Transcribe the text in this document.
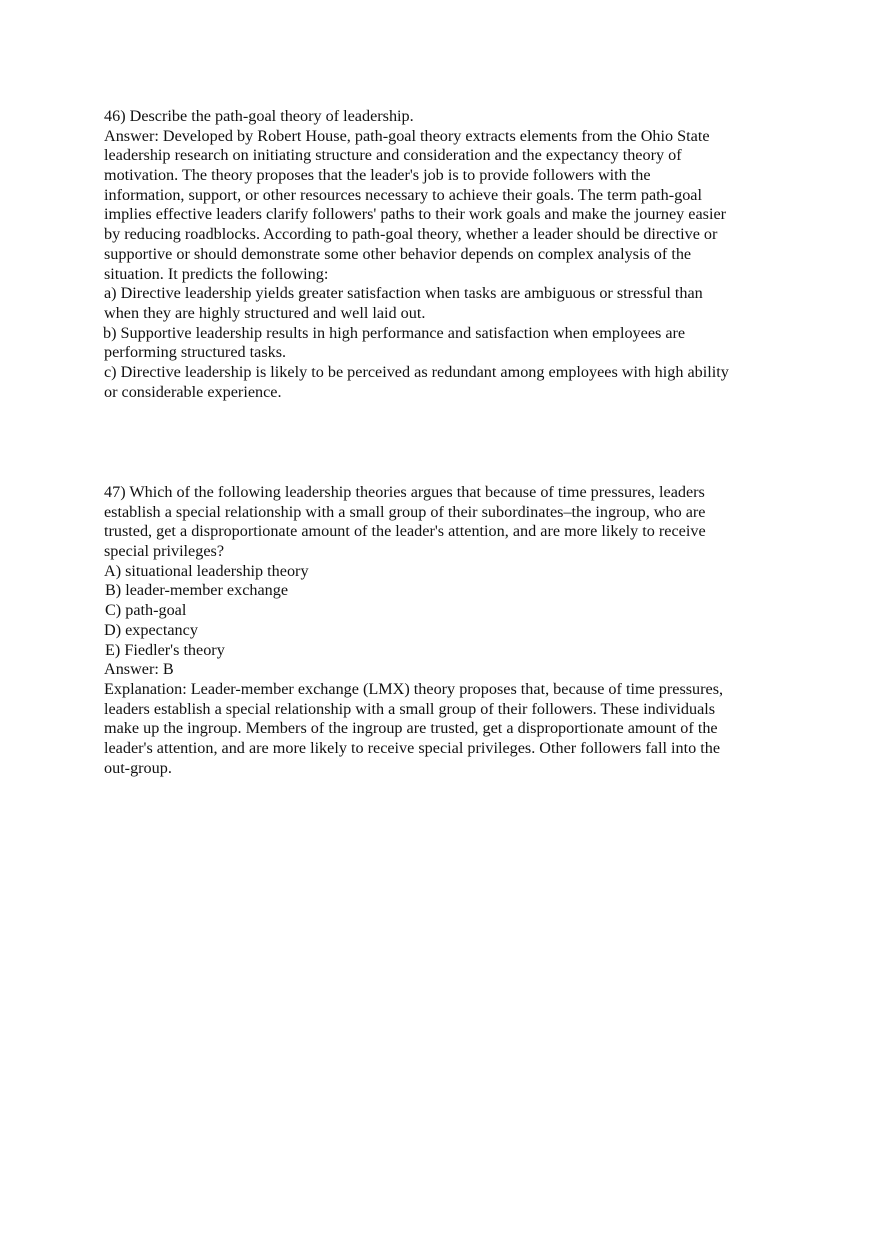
46) Describe the path-goal theory of leadership.
Answer: Developed by Robert House, path-goal theory extracts elements from the Ohio State
leadership research on initiating structure and consideration and the expectancy theory of
motivation. The theory proposes that the leader's job is to provide followers with the
information, support, or other resources necessary to achieve their goals. The term path-goal
implies effective leaders clarify followers' paths to their work goals and make the journey easier
by reducing roadblocks. According to path-goal theory, whether a leader should be directive or
supportive or should demonstrate some other behavior depends on complex analysis of the
situation. It predicts the following:
a) Directive leadership yields greater satisfaction when tasks are ambiguous or stressful than
when they are highly structured and well laid out.
b) Supportive leadership results in high performance and satisfaction when employees are
performing structured tasks.
c) Directive leadership is likely to be perceived as redundant among employees with high ability
or considerable experience.
47) Which of the following leadership theories argues that because of time pressures, leaders
establish a special relationship with a small group of their subordinates–the ingroup, who are
trusted, get a disproportionate amount of the leader's attention, and are more likely to receive
special privileges?
A) situational leadership theory
B) leader-member exchange
C) path-goal
D) expectancy
E) Fiedler's theory
Answer: B
Explanation: Leader-member exchange (LMX) theory proposes that, because of time pressures,
leaders establish a special relationship with a small group of their followers. These individuals
make up the ingroup. Members of the ingroup are trusted, get a disproportionate amount of the
leader's attention, and are more likely to receive special privileges. Other followers fall into the
out-group.
